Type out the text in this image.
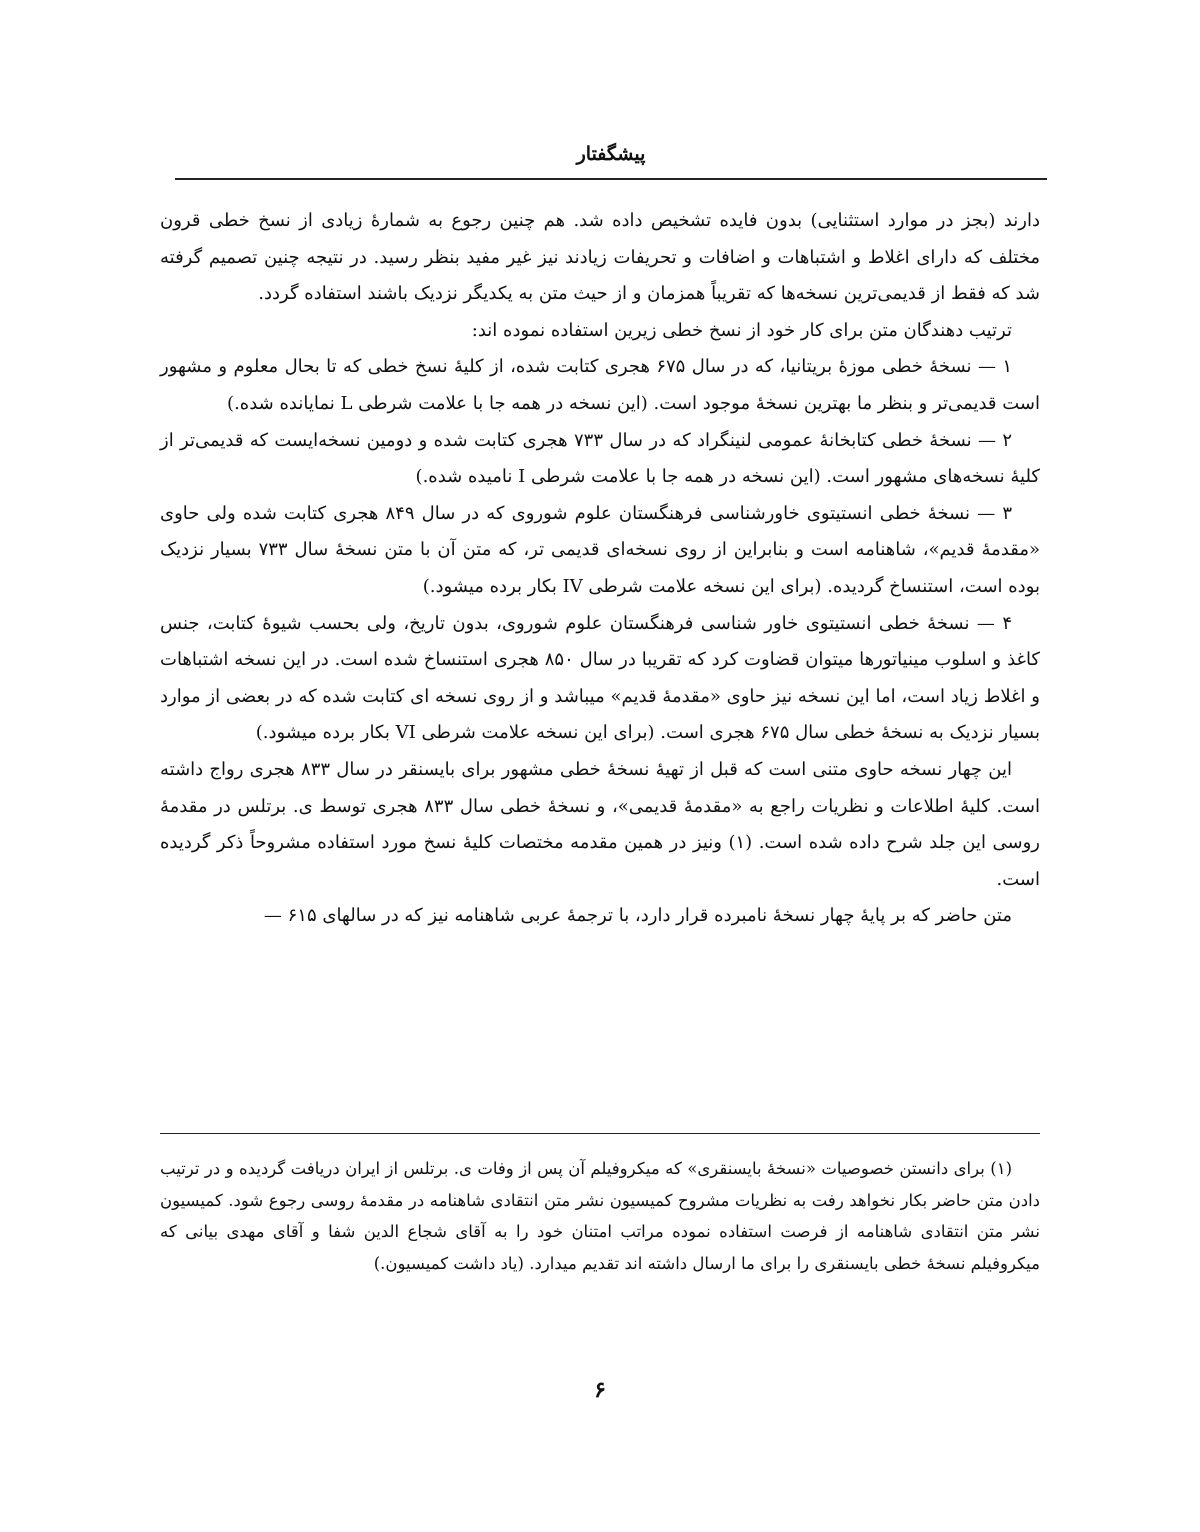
پیشگفتار

دارند (بجز در موارد استثنایی) بدون فایده تشخیص داده شد. هم چنین رجوع به شمارهٔ زیادی از نسخ خطی قرون مختلف که دارای اغلاط و اشتباهات و اضافات و تحریفات زیادند نیز غیر مفید بنظر رسید. در نتیجه چنین تصمیم گرفته شد که فقط از قدیمی‌ترین نسخه‌ها که تقریباً همزمان و از حیث متن به یکدیگر نزدیک باشند استفاده گردد.

ترتیب دهندگان متن برای کار خود از نسخ خطی زیرین استفاده نموده اند:

۱ — نسخهٔ خطی موزهٔ بریتانیا، که در سال ۶۷۵ هجری کتابت شده، از کلیهٔ نسخ خطی که تا بحال معلوم و مشهور است قدیمی‌تر و بنظر ما بهترین نسخهٔ موجود است. (این نسخه در همه جا با علامت شرطی L نمایانده شده.)

۲ — نسخهٔ خطی کتابخانهٔ عمومی لنینگراد که در سال ۷۳۳ هجری کتابت شده و دومین نسخه‌ایست که قدیمی‌تر از کلیهٔ نسخه‌های مشهور است. (این نسخه در همه جا با علامت شرطی I نامیده شده.)

۳ — نسخهٔ خطی انستیتوی خاورشناسی فرهنگستان علوم شوروی که در سال ۸۴۹ هجری کتابت شده ولی حاوی «مقدمهٔ قدیم»، شاهنامه است و بنابراین از روی نسخه‌ای قدیمی تر، که متن آن با متن نسخهٔ سال ۷۳۳ بسیار نزدیک بوده است، استنساخ گردیده. (برای این نسخه علامت شرطی IV بکار برده میشود.)

۴ — نسخهٔ خطی انستیتوی خاور شناسی فرهنگستان علوم شوروی، بدون تاریخ، ولی بحسب شیوهٔ کتابت، جنس کاغذ و اسلوب مینیاتورها میتوان قضاوت کرد که تقریبا در سال ۸۵۰ هجری استنساخ شده است. در این نسخه اشتباهات و اغلاط زیاد است، اما این نسخه نیز حاوی «مقدمهٔ قدیم» میباشد و از روی نسخه ای کتابت شده که در بعضی از موارد بسیار نزدیک به نسخهٔ خطی سال ۶۷۵ هجری است. (برای این نسخه علامت شرطی VI بکار برده میشود.)

این چهار نسخه حاوی متنی است که قبل از تهیهٔ نسخهٔ خطی مشهور برای بایسنقر در سال ۸۳۳ هجری رواج داشته است. کلیهٔ اطلاعات و نظریات راجع به «مقدمهٔ قدیمی»، و نسخهٔ خطی سال ۸۳۳ هجری توسط ی. برتلس در مقدمهٔ روسی این جلد شرح داده شده است. (۱) ونیز در همین مقدمه مختصات کلیهٔ نسخ مورد استفاده مشروحاً ذکر گردیده است.

متن حاضر که بر پایهٔ چهار نسخهٔ نامبرده قرار دارد، با ترجمهٔ عربی شاهنامه نیز که در سالهای ۶۱۵ —

(۱) برای دانستن خصوصیات «نسخهٔ بایسنقری» که میکروفیلم آن پس از وفات ی. برتلس از ایران دریافت گردیده و در ترتیب دادن متن حاضر بکار نخواهد رفت به نظریات مشروح کمیسیون نشر متن انتقادی شاهنامه در مقدمهٔ روسی رجوع شود. کمیسیون نشر متن انتقادی شاهنامه از فرصت استفاده نموده مراتب امتنان خود را به آقای شجاع الدین شفا و آقای مهدی بیانی که میکروفیلم نسخهٔ خطی بایسنقری را برای ما ارسال داشته اند تقدیم میدارد. (یاد داشت کمیسیون.)

۶
